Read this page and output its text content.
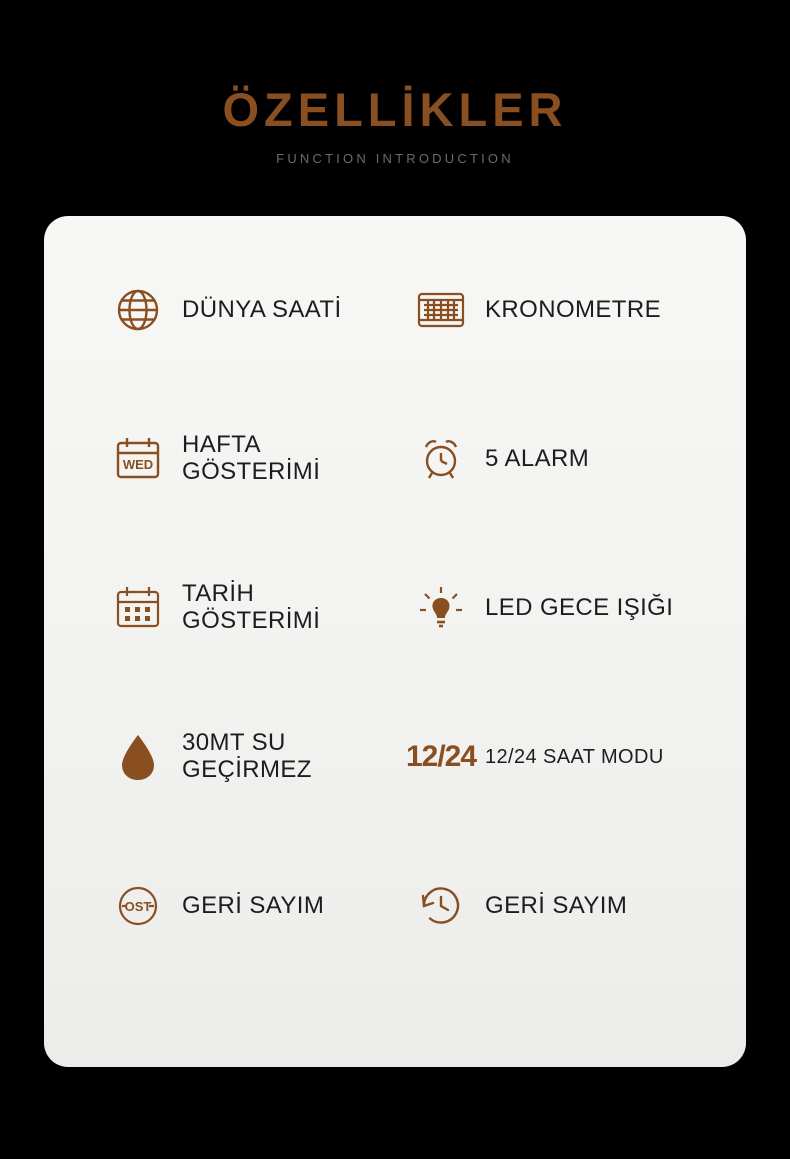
ÖZELLİKLER
FUNCTION INTRODUCTION
DÜNYA SAATİ	KRONOMETRE
WED
HAFTA GÖSTERİMİ	5 ALARM
TARİH GÖSTERİMİ	LED GECE IŞIĞI
30MT SU GEÇİRMEZ	12/24 12/24 SAAT MODU
OST GERİ SAYIM	GERİ SAYIM
